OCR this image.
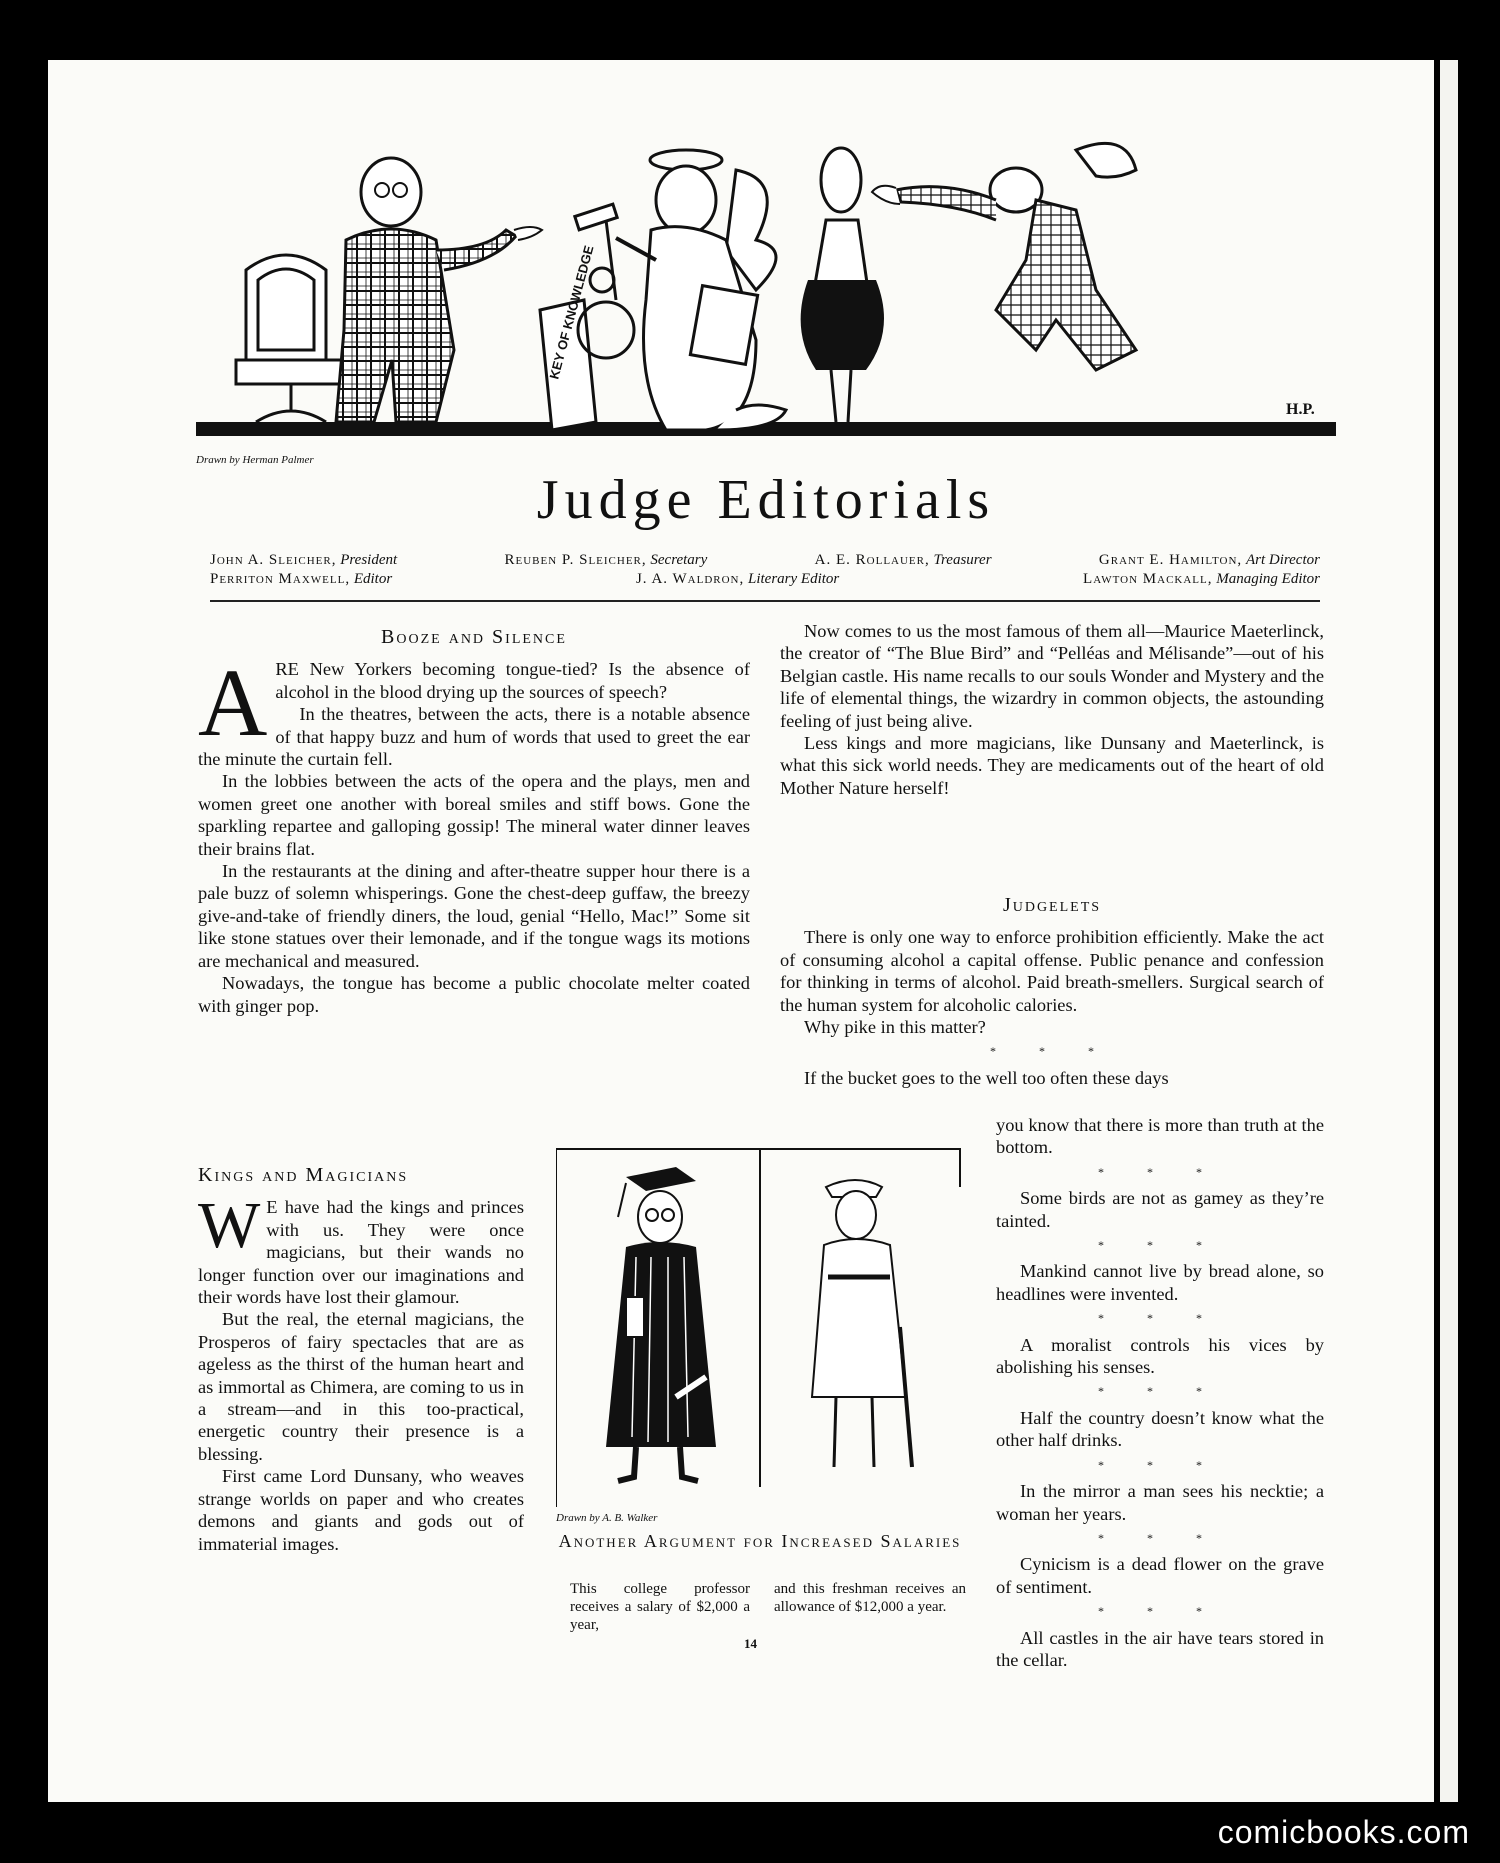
KEY OF KNOWLEDGE
H.P.
Drawn by Herman Palmer
Judge Editorials
John A. Sleicher, President	Reuben P. Sleicher, Secretary	A. E. Rollauer, Treasurer	Grant E. Hamilton, Art Director
Perriton Maxwell, Editor	J. A. Waldron, Literary Editor	Lawton Mackall, Managing Editor
Booze and Silence
A RE New Yorkers becoming tongue-tied? Is the absence of alcohol in the blood drying up the sources of speech?

In the theatres, between the acts, there is a notable absence of that happy buzz and hum of words that used to greet the ear the minute the curtain fell.

In the lobbies between the acts of the opera and the plays, men and women greet one another with boreal smiles and stiff bows. Gone the sparkling repartee and galloping gossip! The mineral water dinner leaves their brains flat.

In the restaurants at the dining and after-theatre supper hour there is a pale buzz of solemn whisperings. Gone the chest-deep guffaw, the breezy give-and-take of friendly diners, the loud, genial “Hello, Mac!” Some sit like stone statues over their lemonade, and if the tongue wags its motions are mechanical and measured.

Nowadays, the tongue has become a public chocolate melter coated with ginger pop.

Kings and Magicians
W E have had the kings and princes with us. They were once magicians, but their wands no longer function over our imaginations and their words have lost their glamour.

But the real, the eternal magicians, the Prosperos of fairy spectacles that are as ageless as the thirst of the human heart and as immortal as Chimera, are coming to us in a stream—and in this too-practical, energetic country their presence is a blessing.

First came Lord Dunsany, who weaves strange worlds on paper and who creates demons and giants and gods out of immaterial images.

Now comes to us the most famous of them all—Maurice Maeterlinck, the creator of “The Blue Bird” and “Pelléas and Mélisande”—out of his Belgian castle. His name recalls to our souls Wonder and Mystery and the life of elemental things, the wizardry in common objects, the astounding feeling of just being alive.

Less kings and more magicians, like Dunsany and Maeterlinck, is what this sick world needs. They are medicaments out of the heart of old Mother Nature herself!

Judgelets

There is only one way to enforce prohibition efficiently. Make the act of consuming alcohol a capital offense. Public penance and confession for thinking in terms of alcohol. Paid breath-smellers. Surgical search of the human system for alcoholic calories.

Why pike in this matter?

* * *

If the bucket goes to the well too often these days

you know that there is more than truth at the bottom.

* * *

Some birds are not as gamey as they’re tainted.

* * *

Mankind cannot live by bread alone, so headlines were invented.

* * *

A moralist controls his vices by abolishing his senses.

* * *

Half the country doesn’t know what the other half drinks.

* * *

In the mirror a man sees his necktie; a woman her years.

* * *

Cynicism is a dead flower on the grave of sentiment.

* * *

All castles in the air have tears stored in the cellar.

Drawn by A. B. Walker
Another Argument for Increased Salaries
This college professor receives a salary of $2,000 a year,
and this freshman receives an allowance of $12,000 a year.
14
comicbooks.com
